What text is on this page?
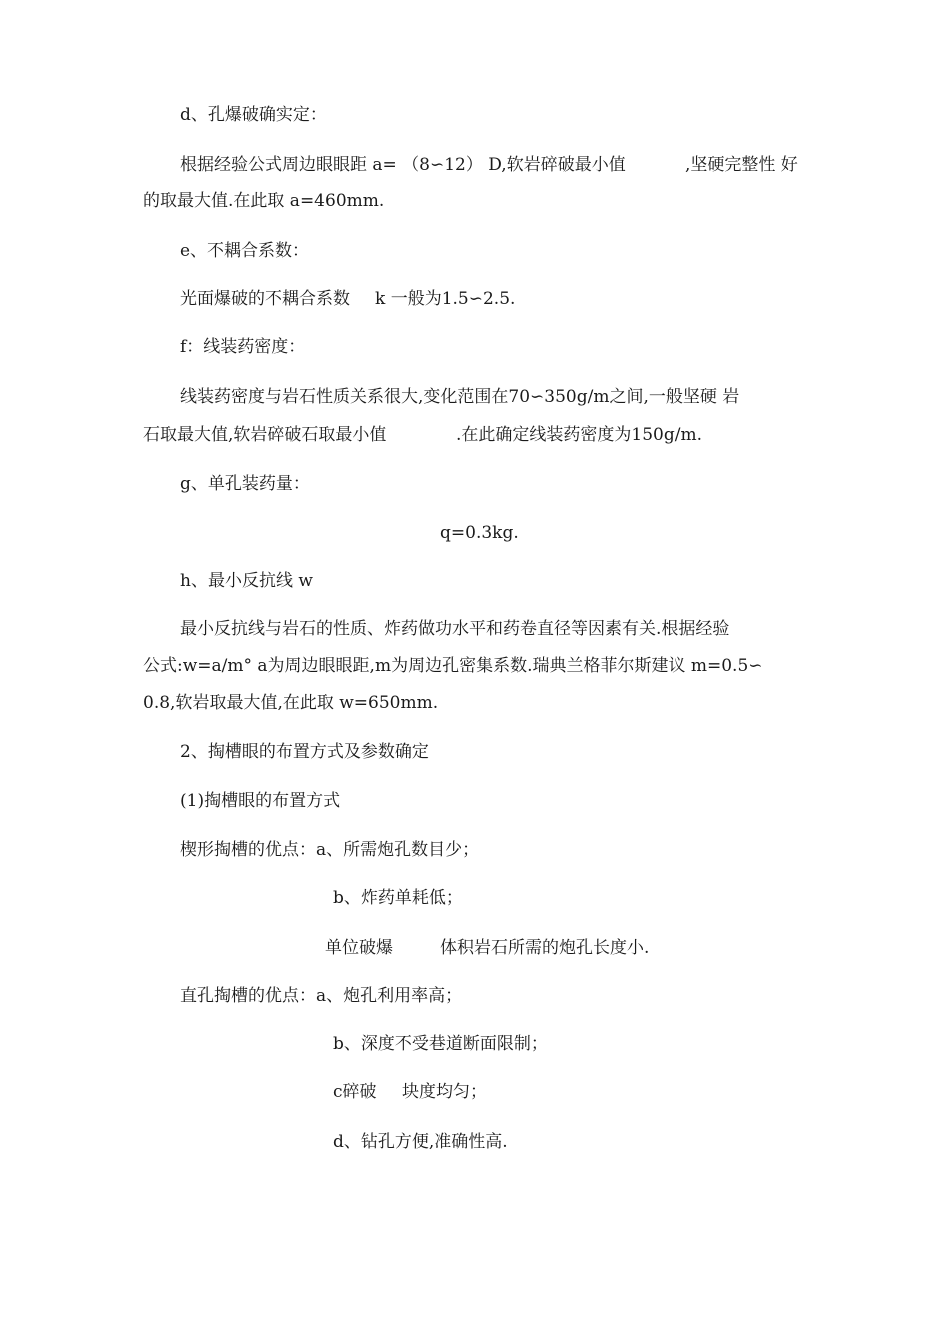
d、孔爆破确实定：
根据经验公式周边眼眼距 a= （8∽12） D,软岩碎破最小值	,坚硬完整性 好
的取最大值.在此取 a=460mm.
e、不耦合系数：
光面爆破的不耦合系数 k 一般为1.5∽2.5.
f：线装药密度：
线装药密度与岩石性质关系很大,变化范围在70∽350g/m之间,一般坚硬 岩
石取最大值,软岩碎破石取最小值	.在此确定线装药密度为150g/m.
g、单孔装药量：
q=0.3kg.
h、最小反抗线 w
最小反抗线与岩石的性质、炸药做功水平和药卷直径等因素有关.根据经验
公式:w=a/m° a为周边眼眼距,m为周边孔密集系数.瑞典兰格菲尔斯建议 m=0.5∽
0.8,软岩取最大值,在此取 w=650mm.
2、掏槽眼的布置方式及参数确定
(1)掏槽眼的布置方式
楔形掏槽的优点：a、所需炮孔数目少；
b、炸药单耗低；
单位破爆	体积岩石所需的炮孔长度小.
直孔掏槽的优点：a、炮孔利用率高；
b、深度不受巷道断面限制；
c碎破 块度均匀；
d、钻孔方便,准确性高.
